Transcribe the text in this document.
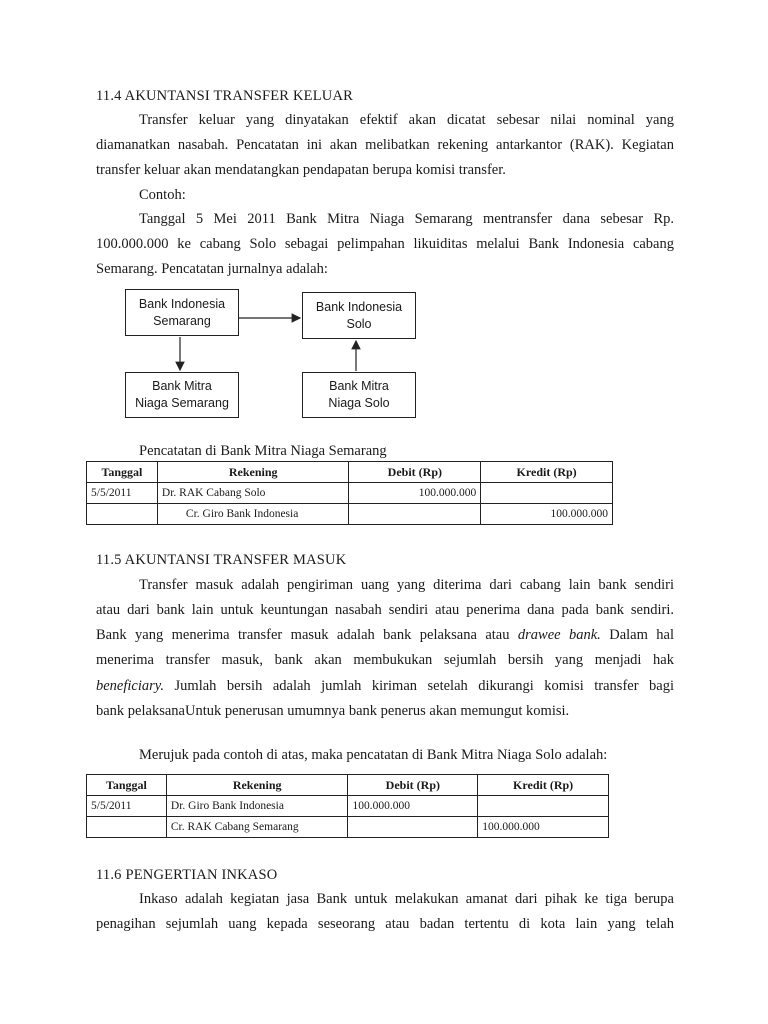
11.4 AKUNTANSI TRANSFER KELUAR
Transfer keluar yang dinyatakan efektif akan dicatat sebesar nilai nominal yang
diamanatkan nasabah. Pencatatan ini akan melibatkan rekening antarkantor (RAK). Kegiatan
transfer keluar akan mendatangkan pendapatan berupa komisi transfer.
Contoh:
Tanggal 5 Mei 2011 Bank Mitra Niaga Semarang mentransfer dana sebesar Rp.
100.000.000 ke cabang Solo sebagai pelimpahan likuiditas melalui Bank Indonesia cabang
Semarang. Pencatatan jurnalnya adalah:
Bank Indonesia
Semarang
Bank Indonesia
Solo
Bank Mitra
Niaga Semarang
Bank Mitra
Niaga Solo
Pencatatan di Bank Mitra Niaga Semarang
Tanggal	Rekening	Debit (Rp)	Kredit (Rp)
5/5/2011	Dr. RAK Cabang Solo	100.000.000	
	Cr. Giro Bank Indonesia		100.000.000
11.5 AKUNTANSI TRANSFER MASUK
Transfer masuk adalah pengiriman uang yang diterima dari cabang lain bank sendiri
atau dari bank lain untuk keuntungan nasabah sendiri atau penerima dana pada bank sendiri.
Bank yang menerima transfer masuk adalah bank pelaksana atau drawee bank. Dalam hal
menerima transfer masuk, bank akan membukukan sejumlah bersih yang menjadi hak
beneficiary. Jumlah bersih adalah jumlah kiriman setelah dikurangi komisi transfer bagi
bank pelaksanaUntuk penerusan umumnya bank penerus akan memungut komisi.
Merujuk pada contoh di atas, maka pencatatan di Bank Mitra Niaga Solo adalah:
Tanggal	Rekening	Debit (Rp)	Kredit (Rp)
5/5/2011	Dr. Giro Bank Indonesia	100.000.000	
	Cr. RAK Cabang Semarang		100.000.000
11.6 PENGERTIAN INKASO
Inkaso adalah kegiatan jasa Bank untuk melakukan amanat dari pihak ke tiga berupa
penagihan sejumlah uang kepada seseorang atau badan tertentu di kota lain yang telah
